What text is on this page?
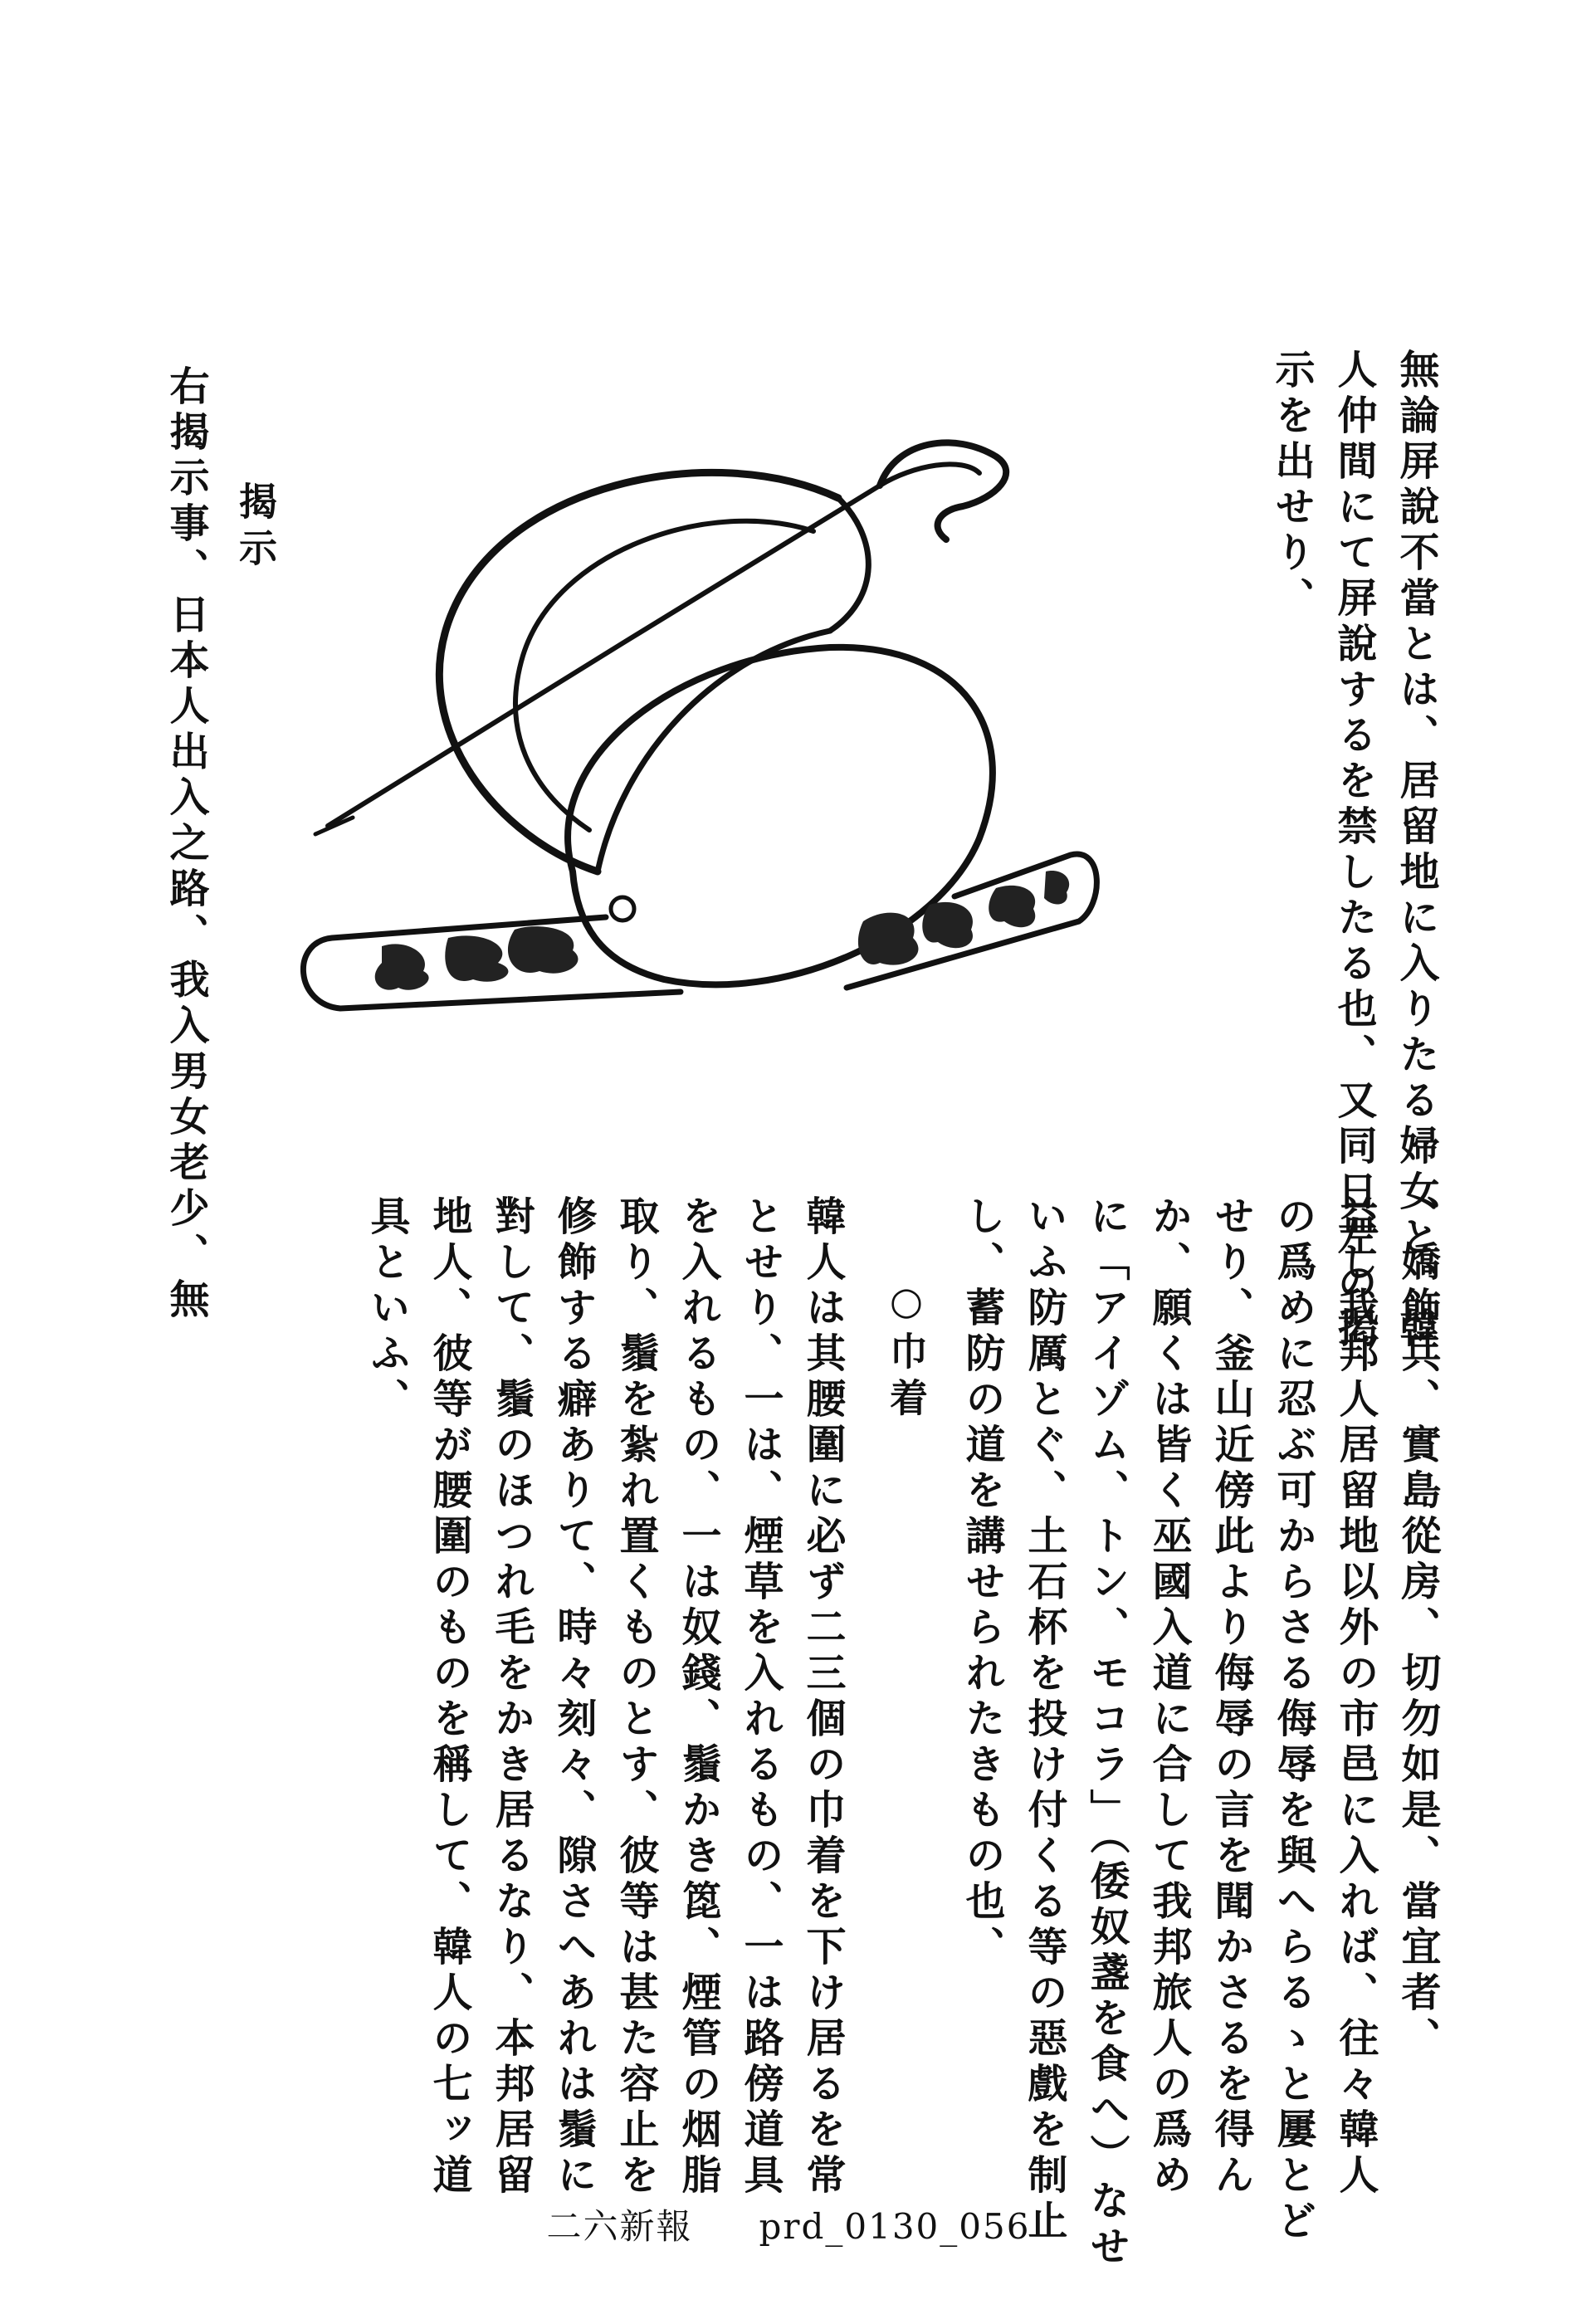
無論屏說不當とは、居留地に入りたる婦女と、韓
人仲間にて屏說するを禁したる也、又同日左の掲
示を出せり、
揭示
右揭示事、日本人出入之路、我入男女老少、無
、嬌飾兵、實島從房、切勿如是、當宜者、
益し我邦人居留地以外の市邑に入れば、往々韓人
の爲めに忍ぶ可からさる侮辱を與へらるゝと屢とど
せり、釜山近傍此より侮辱の言を聞かさるを得ん
か、願くは皆く巫國入道に合して我邦旅人の爲め
に「アイゾム、トン、モコラ」（倭奴盞を食へ）なせ
いふ防厲とぐ、土石杯を投け付くる等の惡戲を制止
し、蓄防の道を講せられたきもの也、
○巾着
韓人は其腰圍に必ず二三個の巾着を下け居るを常
とせり、一は、煙草を入れるもの、一は路傍道具
を入れるもの、一は奴錢、鬚かき箆、煙管の烟脂
取り、鬚を紮れ置くものとす、彼等は甚た容止を
修飾する癖ありて、時々刻々、隙さへあれは鬚に
對して、鬚のほつれ毛をかき居るなり、本邦居留
地人、彼等が腰圍のものを稱して、韓人の七ッ道
具といふ、
二六新報 prd_0130_056
